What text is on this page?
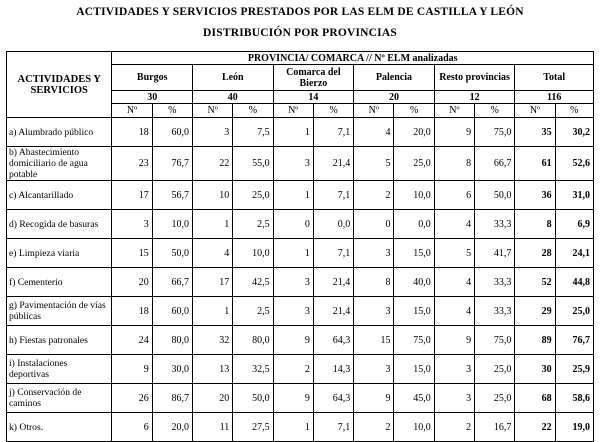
ACTIVIDADES Y SERVICIOS PRESTADOS POR LAS ELM DE CASTILLA Y LEÓN
DISTRIBUCIÓN POR PROVINCIAS
ACTIVIDADES Y SERVICIOS	PROVINCIA/ COMARCA // Nº ELM analizadas											
	Burgos		León		Comarca del Bierzo		Palencia		Resto provincias		Total	
	30		40		14		20		12		116	
	Nº	%	Nº	%	Nº	%	Nº	%	Nº	%	Nº	%
a) Alumbrado público	18	60,0	3	7,5	1	7,1	4	20,0	9	75,0	35	30,2
b) Abastecimiento domiciliario de agua potable	23	76,7	22	55,0	3	21,4	5	25,0	8	66,7	61	52,6
c) Alcantarillado	17	56,7	10	25,0	1	7,1	2	10,0	6	50,0	36	31,0
d) Recogida de basuras	3	10,0	1	2,5	0	0,0	0	0,0	4	33,3	8	6,9
e) Limpieza viaria	15	50,0	4	10,0	1	7,1	3	15,0	5	41,7	28	24,1
f) Cementerio	20	66,7	17	42,5	3	21,4	8	40,0	4	33,3	52	44,8
g) Pavimentación de vías públicas	18	60,0	1	2,5	3	21,4	3	15,0	4	33,3	29	25,0
h) Fiestas patronales	24	80,0	32	80,0	9	64,3	15	75,0	9	75,0	89	76,7
i) Instalaciones deportivas	9	30,0	13	32,5	2	14,3	3	15,0	3	25,0	30	25,9
j) Conservación de caminos	26	86,7	20	50,0	9	64,3	9	45,0	3	25,0	68	58,6
k) Otros.	6	20,0	11	27,5	1	7,1	2	10,0	2	16,7	22	19,0
